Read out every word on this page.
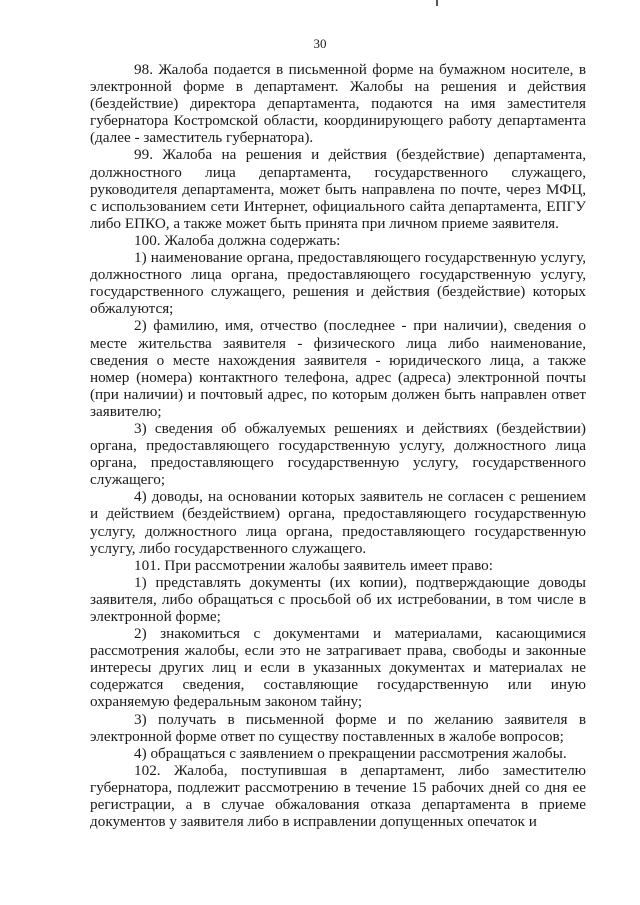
30

98. Жалоба подается в письменной форме на бумажном носителе, в электронной форме в департамент. Жалобы на решения и действия (бездействие) директора департамента, подаются на имя заместителя губернатора Костромской области, координирующего работу департамента (далее - заместитель губернатора).

99. Жалоба на решения и действия (бездействие) департамента, должностного лица департамента, государственного служащего, руководителя департамента, может быть направлена по почте, через МФЦ, с использованием сети Интернет, официального сайта департамента, ЕПГУ либо ЕПКО, а также может быть принята при личном приеме заявителя.

100. Жалоба должна содержать:

1) наименование органа, предоставляющего государственную услугу, должностного лица органа, предоставляющего государственную услугу, государственного служащего, решения и действия (бездействие) которых обжалуются;

2) фамилию, имя, отчество (последнее - при наличии), сведения о месте жительства заявителя - физического лица либо наименование, сведения о месте нахождения заявителя - юридического лица, а также номер (номера) контактного телефона, адрес (адреса) электронной почты (при наличии) и почтовый адрес, по которым должен быть направлен ответ заявителю;

3) сведения об обжалуемых решениях и действиях (бездействии) органа, предоставляющего государственную услугу, должностного лица органа, предоставляющего государственную услугу, государственного служащего;

4) доводы, на основании которых заявитель не согласен с решением и действием (бездействием) органа, предоставляющего государственную услугу, должностного лица органа, предоставляющего государственную услугу, либо государственного служащего.

101. При рассмотрении жалобы заявитель имеет право:

1) представлять документы (их копии), подтверждающие доводы заявителя, либо обращаться с просьбой об их истребовании, в том числе в электронной форме;

2) знакомиться с документами и материалами, касающимися рассмотрения жалобы, если это не затрагивает права, свободы и законные интересы других лиц и если в указанных документах и материалах не содержатся сведения, составляющие государственную или иную охраняемую федеральным законом тайну;

3) получать в письменной форме и по желанию заявителя в электронной форме ответ по существу поставленных в жалобе вопросов;

4) обращаться с заявлением о прекращении рассмотрения жалобы.

102. Жалоба, поступившая в департамент, либо заместителю губернатора, подлежит рассмотрению в течение 15 рабочих дней со дня ее регистрации, а в случае обжалования отказа департамента в приеме документов у заявителя либо в исправлении допущенных опечаток и
